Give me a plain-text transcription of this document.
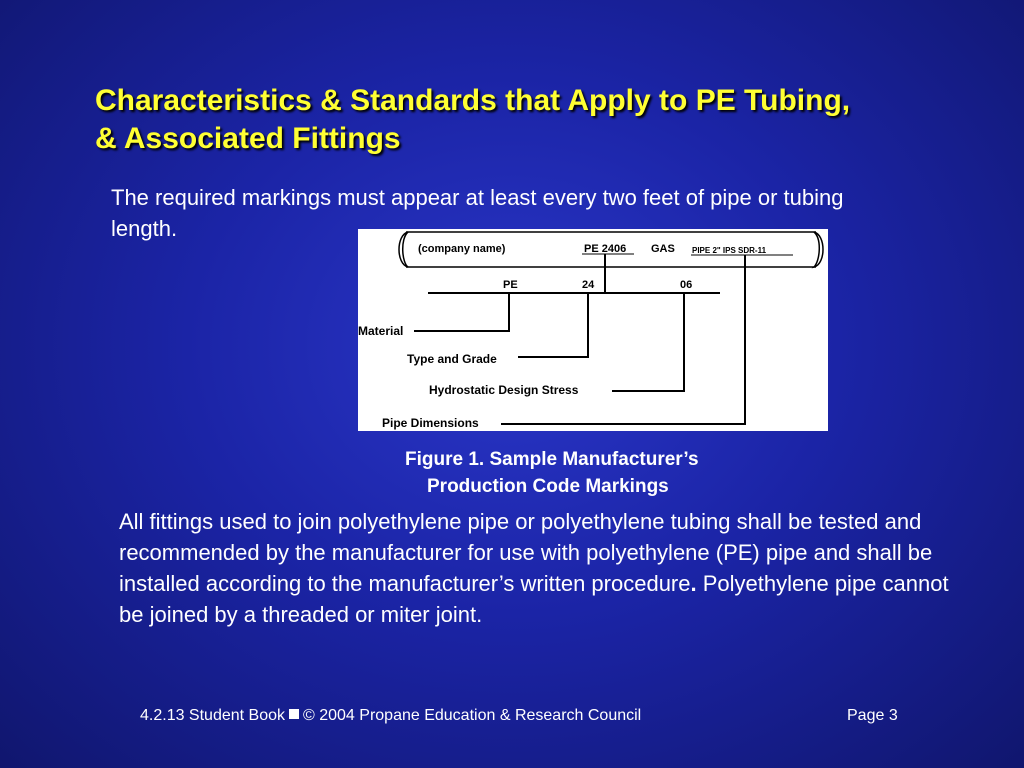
Characteristics & Standards that Apply to PE Tubing,
& Associated Fittings
The required markings must appear at least every two feet of pipe or tubing length.
(company name)	PE 2406 GAS PIPE 2" IPS SDR-11
PE	24	06
Material
Type and Grade
Hydrostatic Design Stress
Pipe Dimensions
Figure 1. Sample Manufacturer’s
Production Code Markings
All fittings used to join polyethylene pipe or polyethylene tubing shall be tested and recommended by the manufacturer for use with polyethylene (PE) pipe and shall be installed according to the manufacturer’s written procedure. Polyethylene pipe cannot be joined by a threaded or miter joint.
4.2.13 Student Book © 2004 Propane Education & Research Council	Page 3
